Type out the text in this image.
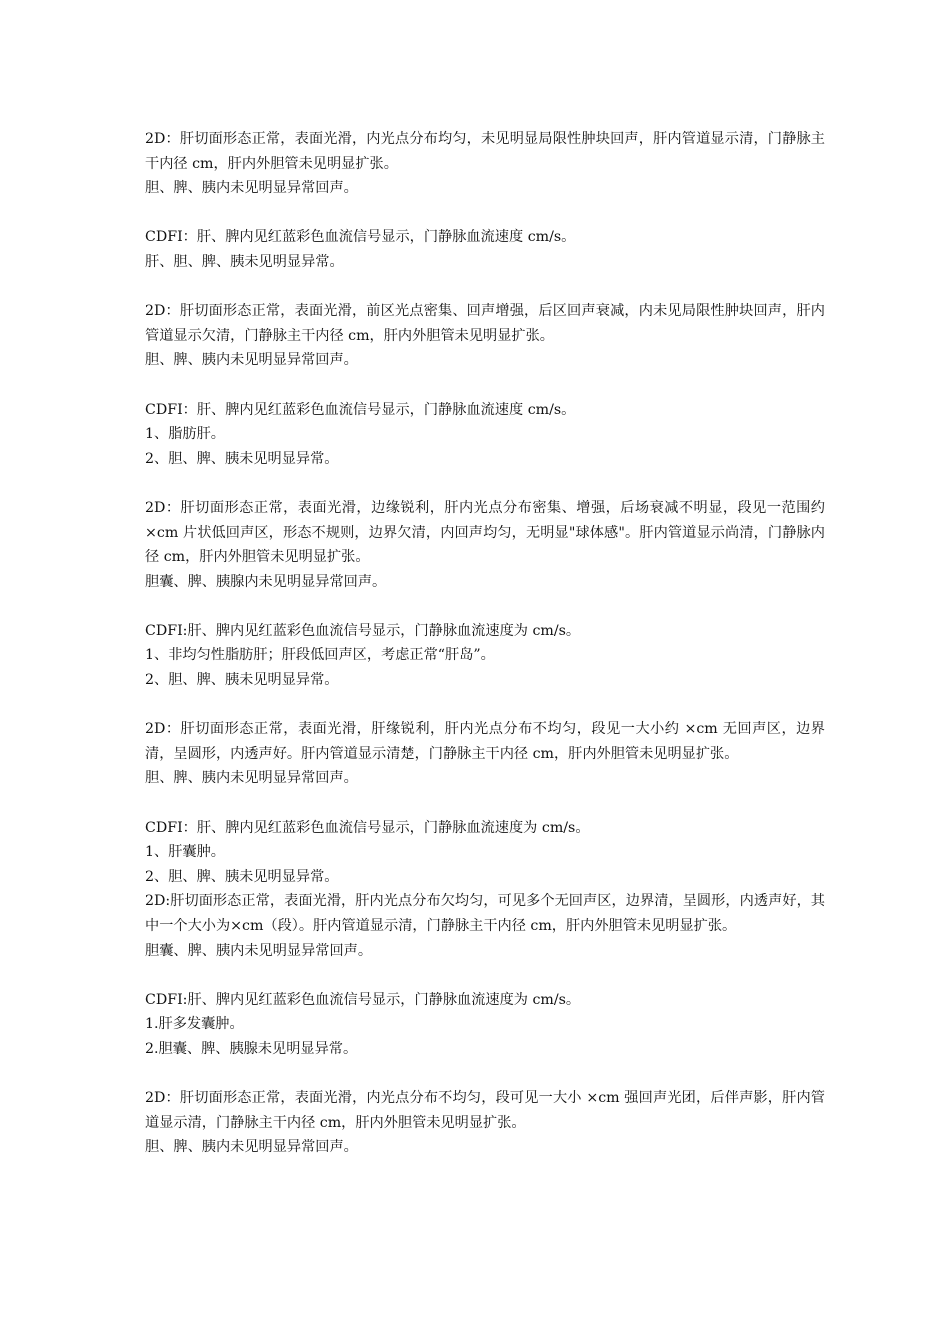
2D：肝切面形态正常，表面光滑，内光点分布均匀，未见明显局限性肿块回声，肝内管道显示清，门静脉主干内径 cm，肝内外胆管未见明显扩张。

胆、脾、胰内未见明显异常回声。

CDFI：肝、脾内见红蓝彩色血流信号显示，门静脉血流速度 cm/s。

肝、胆、脾、胰未见明显异常。

2D：肝切面形态正常，表面光滑，前区光点密集、回声增强，后区回声衰减，内未见局限性肿块回声，肝内管道显示欠清，门静脉主干内径 cm，肝内外胆管未见明显扩张。

胆、脾、胰内未见明显异常回声。

CDFI：肝、脾内见红蓝彩色血流信号显示，门静脉血流速度 cm/s。

1、脂肪肝。

2、胆、脾、胰未见明显异常。

2D：肝切面形态正常，表面光滑，边缘锐利，肝内光点分布密集、增强，后场衰减不明显，段见一范围约×cm 片状低回声区，形态不规则，边界欠清，内回声均匀，无明显"球体感"。肝内管道显示尚清，门静脉内径 cm，肝内外胆管未见明显扩张。

胆囊、脾、胰腺内未见明显异常回声。

CDFI:肝、脾内见红蓝彩色血流信号显示，门静脉血流速度为 cm/s。

1、非均匀性脂肪肝；肝段低回声区，考虑正常“肝岛”。

2、胆、脾、胰未见明显异常。

2D：肝切面形态正常，表面光滑，肝缘锐利，肝内光点分布不均匀，段见一大小约 ×cm 无回声区，边界清，呈圆形，内透声好。肝内管道显示清楚，门静脉主干内径 cm，肝内外胆管未见明显扩张。

胆、脾、胰内未见明显异常回声。

CDFI：肝、脾内见红蓝彩色血流信号显示，门静脉血流速度为 cm/s。

1、肝囊肿。

2、胆、脾、胰未见明显异常。

2D:肝切面形态正常，表面光滑，肝内光点分布欠均匀，可见多个无回声区，边界清，呈圆形，内透声好，其中一个大小为×cm（段）。肝内管道显示清，门静脉主干内径 cm，肝内外胆管未见明显扩张。

胆囊、脾、胰内未见明显异常回声。

CDFI:肝、脾内见红蓝彩色血流信号显示，门静脉血流速度为 cm/s。

1.肝多发囊肿。

2.胆囊、脾、胰腺未见明显异常。

2D：肝切面形态正常，表面光滑，内光点分布不均匀，段可见一大小 ×cm 强回声光团，后伴声影，肝内管道显示清，门静脉主干内径 cm，肝内外胆管未见明显扩张。

胆、脾、胰内未见明显异常回声。
